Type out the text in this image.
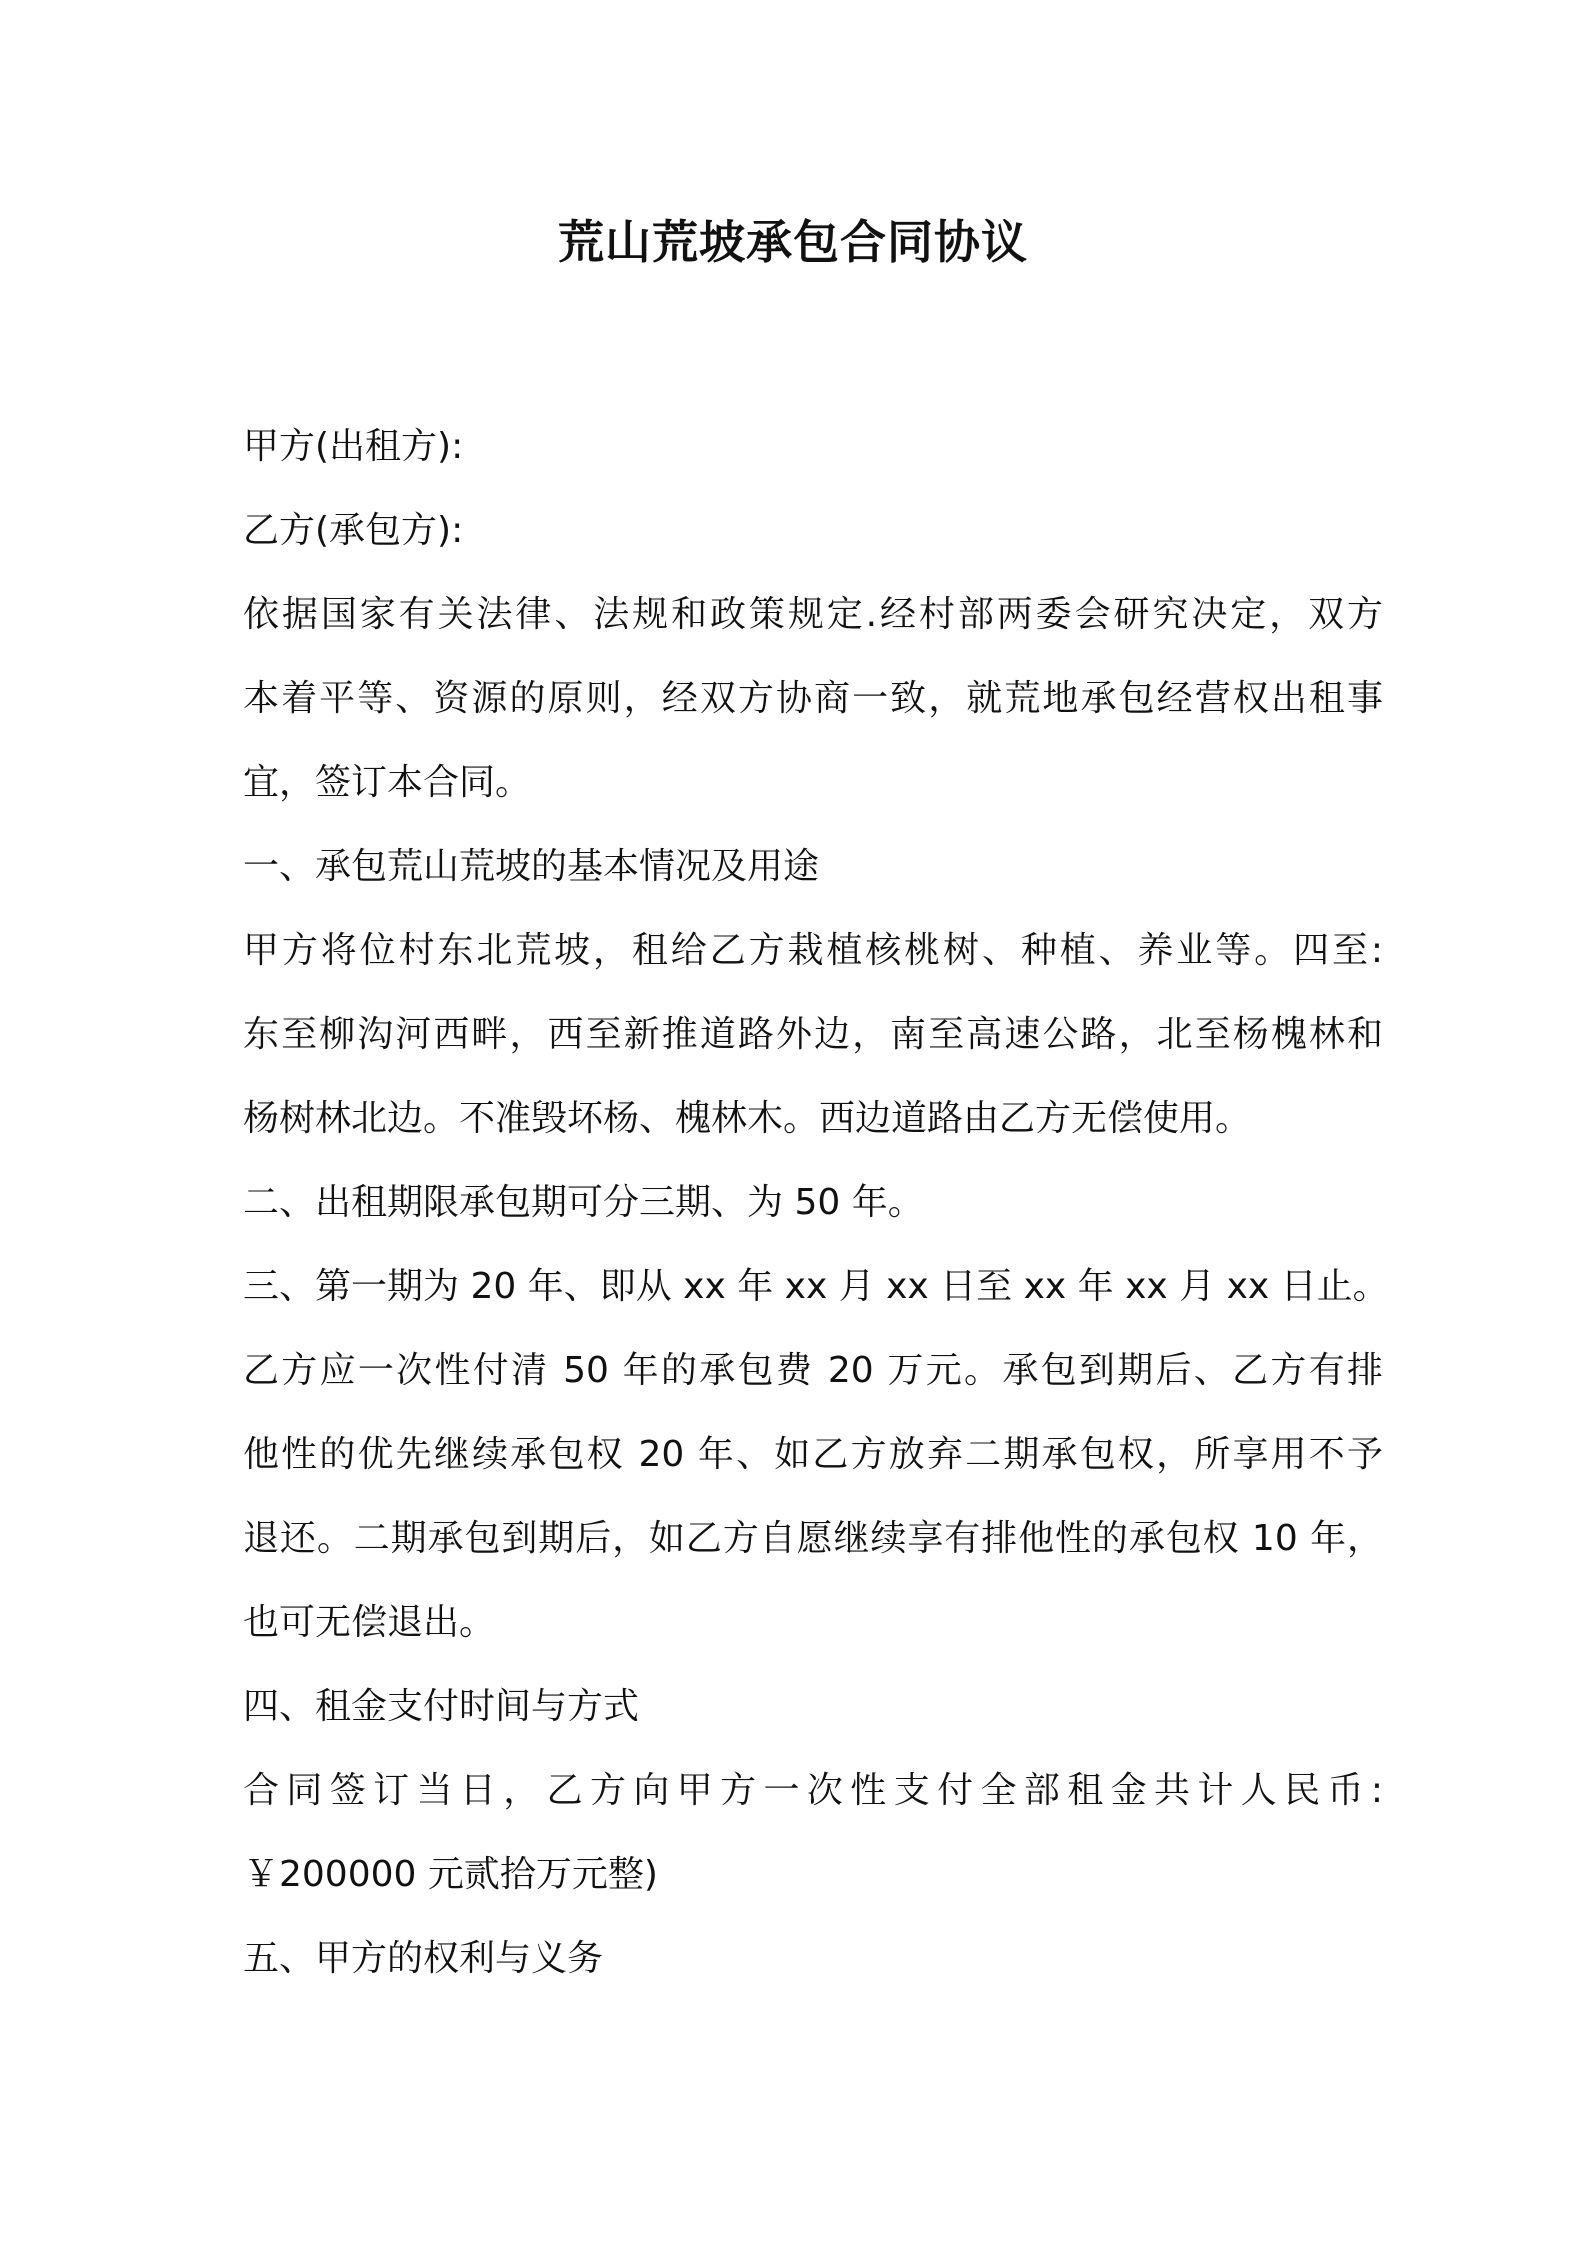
荒山荒坡承包合同协议

甲方(出租方):

乙方(承包方):

依据国家有关法律、法规和政策规定.经村部两委会研究决定，双方

本着平等、资源的原则，经双方协商一致，就荒地承包经营权出租事

宜，签订本合同。

一、承包荒山荒坡的基本情况及用途

甲方将位村东北荒坡，租给乙方栽植核桃树、种植、养业等。四至:

东至柳沟河西畔，西至新推道路外边，南至高速公路，北至杨槐林和

杨树林北边。不准毁坏杨、槐林木。西边道路由乙方无偿使用。

二、出租期限承包期可分三期、为 50 年。

三、第一期为 20 年、即从 xx 年 xx 月 xx 日至 xx 年 xx 月 xx 日止。

乙方应一次性付清 50 年的承包费 20 万元。承包到期后、乙方有排

他性的优先继续承包权 20 年、如乙方放弃二期承包权，所享用不予

退还。二期承包到期后，如乙方自愿继续享有排他性的承包权 10 年，

也可无偿退出。

四、租金支付时间与方式

合同签订当日，乙方向甲方一次性支付全部租金共计人民币:

￥200000 元贰拾万元整)

五、甲方的权利与义务
